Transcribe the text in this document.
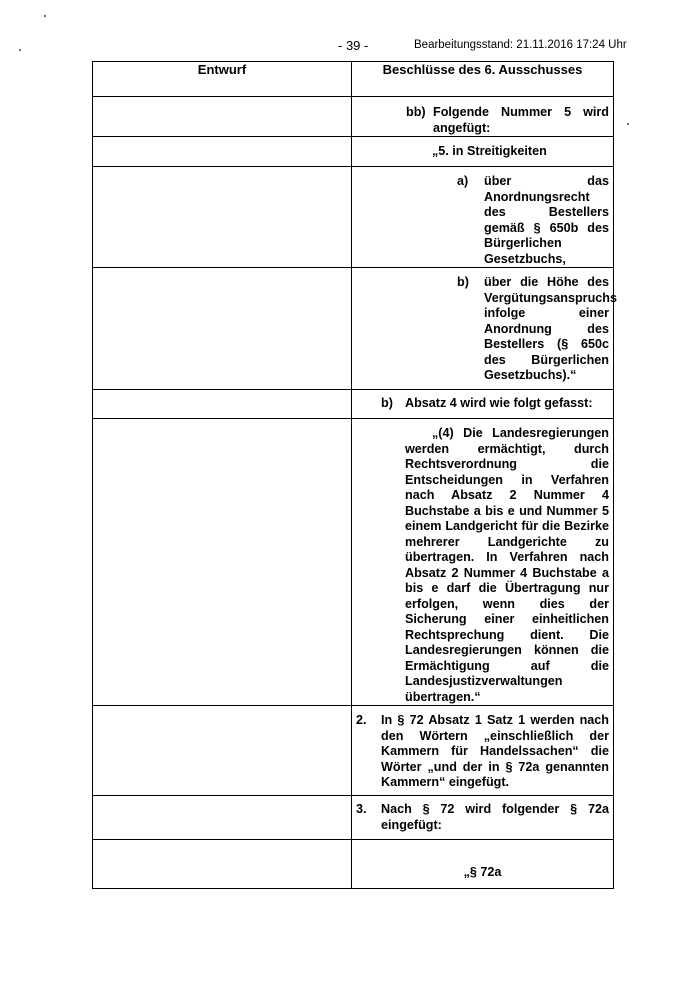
- 39 -	Bearbeitungsstand: 21.11.2016 17:24 Uhr
Entwurf	Beschlüsse des 6. Ausschusses

	bb) Folgende Nummer 5 wird angefügt:

	„5. in Streitigkeiten

	a) über das Anordnungsrecht des Bestellers gemäß § 650b des Bürgerlichen Gesetzbuchs,

	b) über die Höhe des Vergütungsanspruchs infolge einer Anordnung des Bestellers (§ 650c des Bürgerlichen Gesetzbuchs).“

	b) Absatz 4 wird wie folgt gefasst:

	„(4) Die Landesregierungen werden ermächtigt, durch Rechtsverordnung die Entscheidungen in Verfahren nach Absatz 2 Nummer 4 Buchstabe a bis e und Nummer 5 einem Landgericht für die Bezirke mehrerer Landgerichte zu übertragen. In Verfahren nach Absatz 2 Nummer 4 Buchstabe a bis e darf die Übertragung nur erfolgen, wenn dies der Sicherung einer einheitlichen Rechtsprechung dient. Die Landesregierungen können die Ermächtigung auf die Landesjustizverwaltungen übertragen.“

	2. In § 72 Absatz 1 Satz 1 werden nach den Wörtern „einschließlich der Kammern für Handelssachen“ die Wörter „und der in § 72a genannten Kammern“ eingefügt.

	3. Nach § 72 wird folgender § 72a eingefügt:

	„§ 72a
